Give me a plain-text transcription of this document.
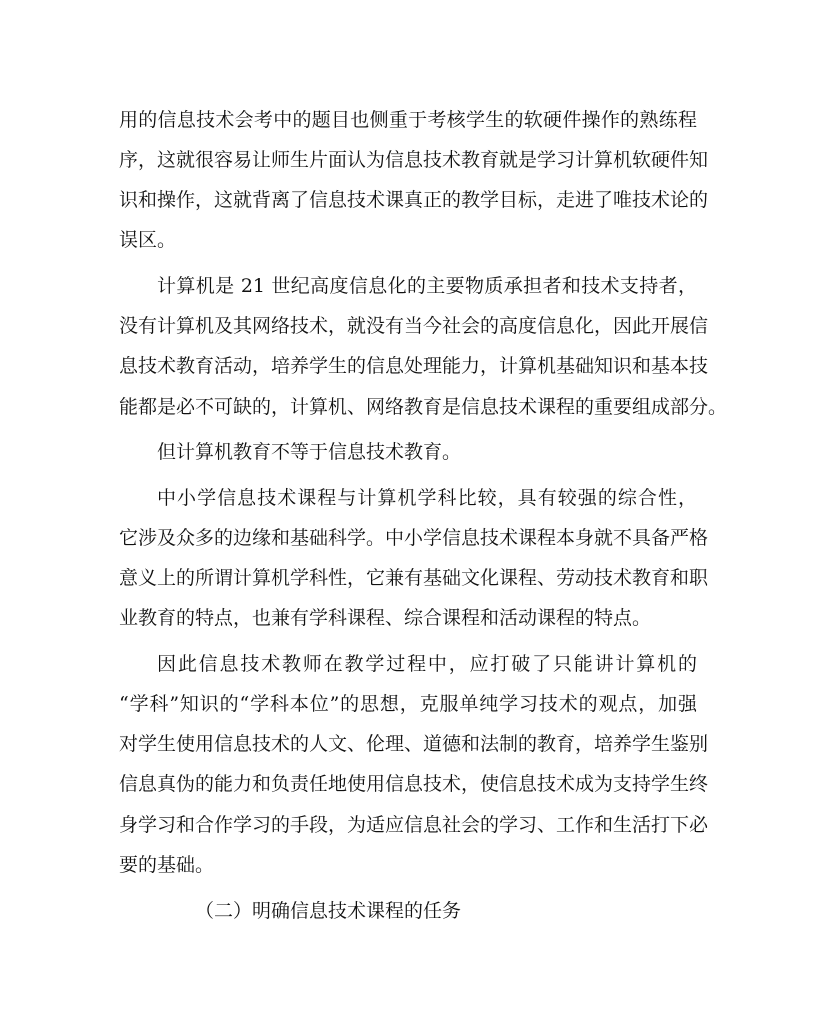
用的信息技术会考中的题目也侧重于考核学生的软硬件操作的熟练程
序，这就很容易让师生片面认为信息技术教育就是学习计算机软硬件知
识和操作，这就背离了信息技术课真正的教学目标，走进了唯技术论的
误区。
计算机是 21 世纪高度信息化的主要物质承担者和技术支持者，
没有计算机及其网络技术，就没有当今社会的高度信息化，因此开展信
息技术教育活动，培养学生的信息处理能力，计算机基础知识和基本技
能都是必不可缺的，计算机、网络教育是信息技术课程的重要组成部分。
但计算机教育不等于信息技术教育。
中小学信息技术课程与计算机学科比较，具有较强的综合性，
它涉及众多的边缘和基础科学。中小学信息技术课程本身就不具备严格
意义上的所谓计算机学科性，它兼有基础文化课程、劳动技术教育和职
业教育的特点，也兼有学科课程、综合课程和活动课程的特点。
因此信息技术教师在教学过程中，应打破了只能讲计算机的
“学科”知识的“学科本位”的思想，克服单纯学习技术的观点，加强
对学生使用信息技术的人文、伦理、道德和法制的教育，培养学生鉴别
信息真伪的能力和负责任地使用信息技术，使信息技术成为支持学生终
身学习和合作学习的手段，为适应信息社会的学习、工作和生活打下必
要的基础。
（二）明确信息技术课程的任务
